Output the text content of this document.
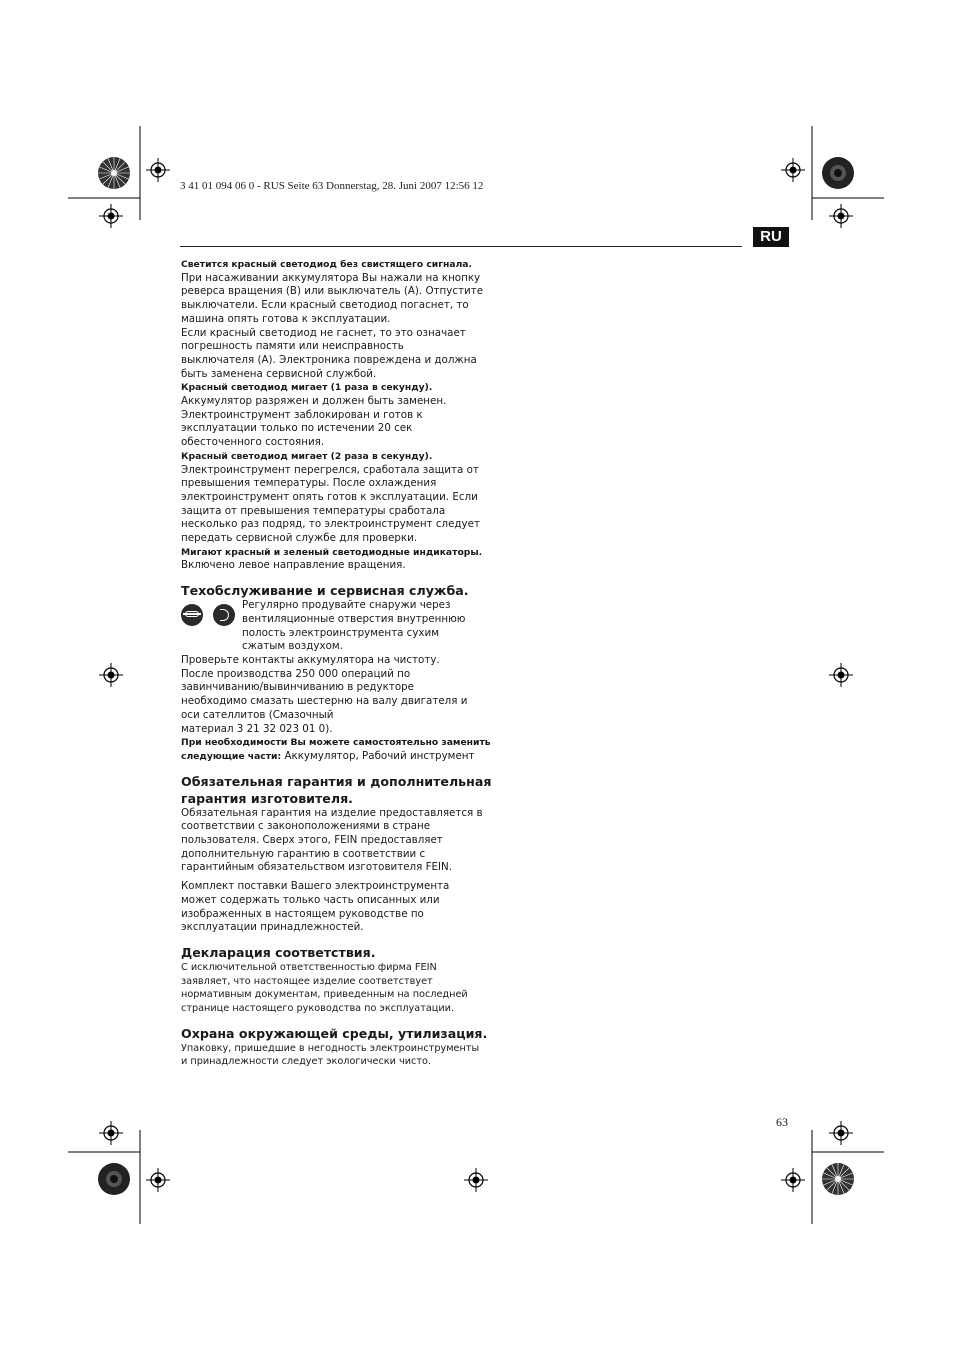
3 41 01 094 06 0 - RUS Seite 63 Donnerstag, 28. Juni 2007 12:56 12
RU
Светится красный светодиод без свистящего сигнала.
При насаживании аккумулятора Вы нажали на кнопку
реверса вращения (B) или выключатель (A). Отпустите
выключатели. Если красный светодиод погаснет, то
машина опять готова к эксплуатации.
Если красный светодиод не гаснет, то это означает
погрешность памяти или неисправность
выключателя (A). Электроника повреждена и должна
быть заменена сервисной службой.
Красный светодиод мигает (1 раза в секунду).
Аккумулятор разряжен и должен быть заменен.
Электроинструмент заблокирован и готов к
эксплуатации только по истечении 20 сек
обесточенного состояния.
Красный светодиод мигает (2 раза в секунду).
Электроинструмент перегрелся, сработала защита от
превышения температуры. После охлаждения
электроинструмент опять готов к эксплуатации. Если
защита от превышения температуры сработала
несколько раз подряд, то электроинструмент следует
передать сервисной службе для проверки.
Мигают красный и зеленый светодиодные индикаторы.
Включено левое направление вращения.
Техобслуживание и сервисная служба.
Регулярно продувайте снаружи через
вентиляционные отверстия внутреннюю
полость электроинструмента сухим
сжатым воздухом.
Проверьте контакты аккумулятора на чистоту.
После производства 250 000 операций по
завинчиванию/вывинчиванию в редукторе
необходимо смазать шестерню на валу двигателя и
оси сателлитов (Смазочный
материал 3 21 32 023 01 0).
При необходимости Вы можете самостоятельно заменить
следующие части: Аккумулятор, Рабочий инструмент
Обязательная гарантия и дополнительная
гарантия изготовителя.
Обязательная гарантия на изделие предоставляется в
соответствии с законоположениями в стране
пользователя. Сверх этого, FEIN предоставляет
дополнительную гарантию в соответствии с
гарантийным обязательством изготовителя FEIN.
Комплект поставки Вашего электроинструмента
может содержать только часть описанных или
изображенных в настоящем руководстве по
эксплуатации принадлежностей.
Декларация соответствия.
С исключительной ответственностью фирма FEIN
заявляет, что настоящее изделие соответствует
нормативным документам, приведенным на последней
странице настоящего руководства по эксплуатации.
Охрана окружающей среды, утилизация.
Упаковку, пришедшие в негодность электроинструменты
и принадлежности следует экологически чисто.
63
